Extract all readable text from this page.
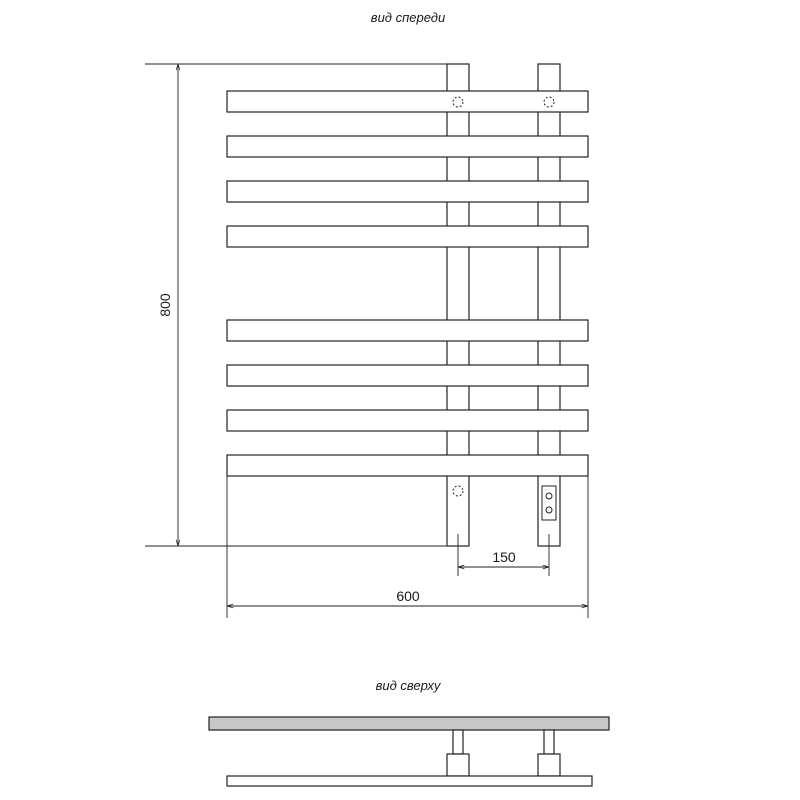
вид спереди
вид сверху
800
600
150
